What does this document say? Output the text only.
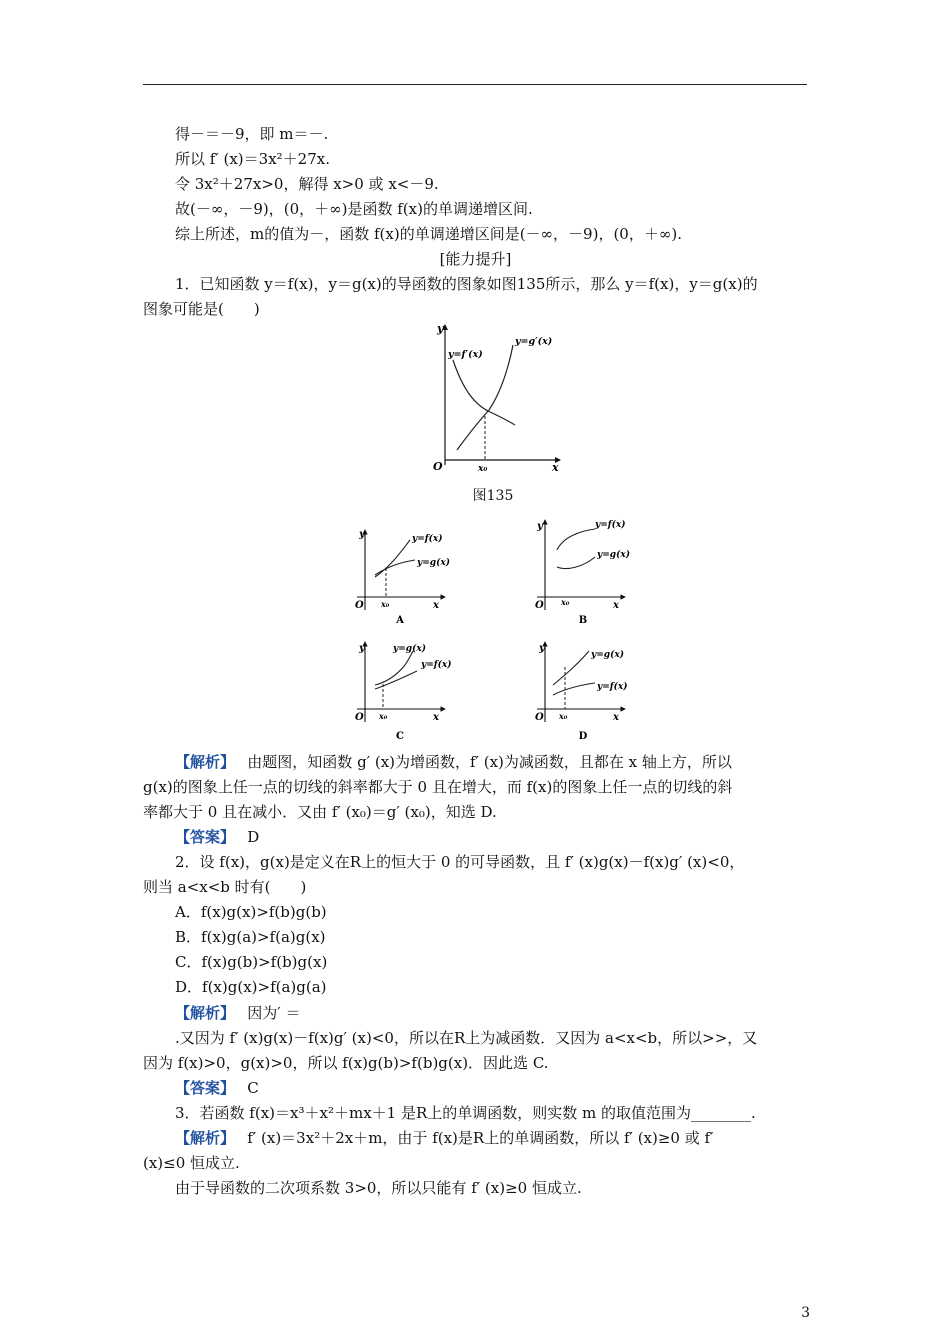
得－＝－9，即 m＝－.
所以 f′ (x)＝3x²＋27x.
令 3x²＋27x>0，解得 x>0 或 x<－9.
故(－∞，－9)，(0，＋∞)是函数 f(x)的单调递增区间.
综上所述，m的值为－，函数 f(x)的单调递增区间是(－∞，－9)，(0，＋∞).
[能力提升]
1．已知函数 y＝f(x)，y＝g(x)的导函数的图象如图135所示，那么 y＝f(x)，y＝g(x)的
图象可能是(　　)
y
x
O	x₀
y=f′(x)
y=g′(x)
图135
y
x
O x₀
y=f(x)
y=g(x)
A
y
x
O x₀
y=f(x)
y=g(x)
B
y
x
O x₀
y=g(x)
y=f(x)
C
y
x
O x₀
y=g(x)
y=f(x)
D
【解析】　 由题图，知函数 g′ (x)为增函数，f′ (x)为减函数，且都在 x 轴上方，所以
g(x)的图象上任一点的切线的斜率都大于 0 且在增大，而 f(x)的图象上任一点的切线的斜
率都大于 0 且在减小．又由 f′ (x₀)＝g′ (x₀)，知选 D.
【答案】　 D
2．设 f(x)，g(x)是定义在R上的恒大于 0 的可导函数，且 f′ (x)g(x)－f(x)g′ (x)<0，
则当 a<x<b 时有(　　)
A．f(x)g(x)>f(b)g(b)
B．f(x)g(a)>f(a)g(x)
C．f(x)g(b)>f(b)g(x)
D．f(x)g(x)>f(a)g(a)
【解析】　 因为′ ＝
.又因为 f′ (x)g(x)－f(x)g′ (x)<0，所以在R上为减函数．又因为 a<x<b，所以>>，又
因为 f(x)>0，g(x)>0，所以 f(x)g(b)>f(b)g(x)．因此选 C.
【答案】　 C
3．若函数 f(x)＝x³＋x²＋mx＋1 是R上的单调函数，则实数 m 的取值范围为________.
【解析】　 f′ (x)＝3x²＋2x＋m，由于 f(x)是R上的单调函数，所以 f′ (x)≥0 或 f′
(x)≤0 恒成立.
由于导函数的二次项系数 3>0，所以只能有 f′ (x)≥0 恒成立.
3
